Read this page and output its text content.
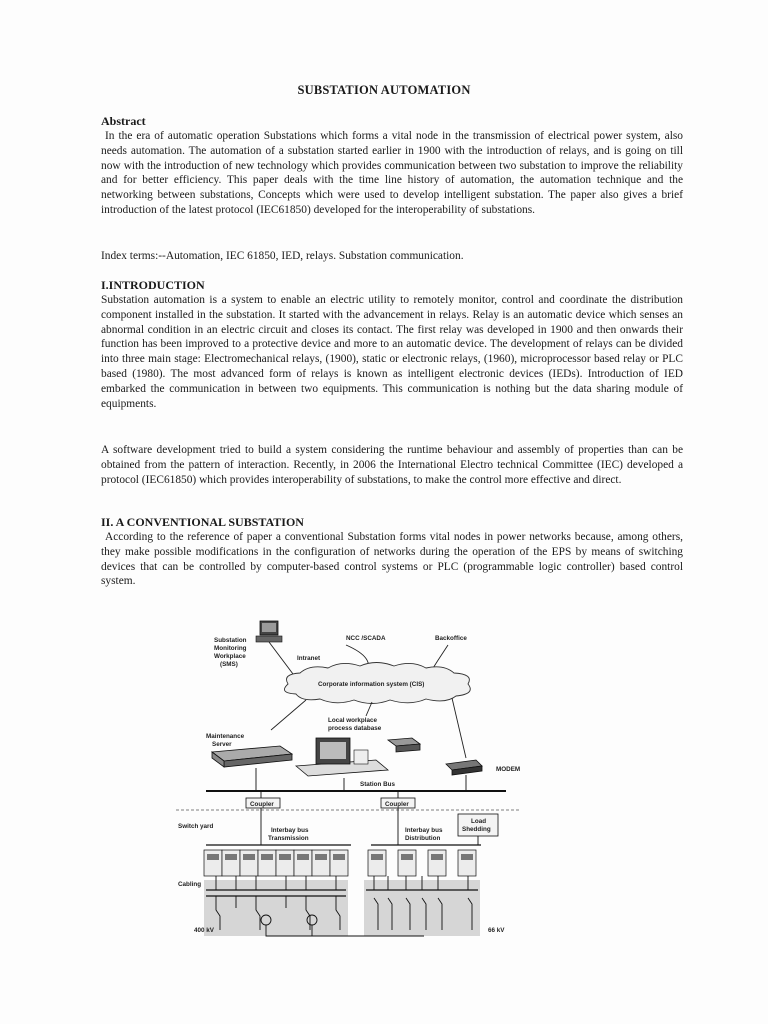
SUBSTATION AUTOMATION

Abstract

In the era of automatic operation Substations which forms a vital node in the transmission of electrical power system, also needs automation. The automation of a substation started earlier in 1900 with the introduction of relays, and is going on till now with the introduction of new technology which provides communication between two substation to improve the reliability and for better efficiency. This paper deals with the time line history of automation, the automation technique and the networking between substations, Concepts which were used to develop intelligent substation. The paper also gives a brief introduction of the latest protocol (IEC61850) developed for the interoperability of substations.

Index terms:--Automation, IEC 61850, IED, relays. Substation communication.

I.INTRODUCTION

Substation automation is a system to enable an electric utility to remotely monitor, control and coordinate the distribution component installed in the substation. It started with the advancement in relays. Relay is an automatic device which senses an abnormal condition in an electric circuit and closes its contact. The first relay was developed in 1900 and then onwards their function has been improved to a protective device and more to an automatic device. The development of relays can be divided into three main stage: Electromechanical relays, (1900), static or electronic relays, (1960), microprocessor based relay or PLC based (1980). The most advanced form of relays is known as intelligent electronic devices (IEDs). Introduction of IED embarked the communication in between two equipments. This communication is nothing but the data sharing module of equipments.

A software development tried to build a system considering the runtime behaviour and assembly of properties than can be obtained from the pattern of interaction. Recently, in 2006 the International Electro technical Committee (IEC) developed a protocol (IEC61850) which provides interoperability of substations, to make the control more effective and direct.

II. A CONVENTIONAL SUBSTATION

According to the reference of paper a conventional Substation forms vital nodes in power networks because, among others, they make possible modifications in the configuration of networks during the operation of the EPS by means of switching devices that can be controlled by computer-based control systems or PLC (programmable logic controller) based control system.

Substation
Monitoring
Workplace
(SMS)
Intranet
NCC /SCADA	Backoffice
Corporate information system (CIS)
Maintenance
Server
Local workplace
process database
MODEM
Station Bus
Coupler	Coupler
Switch yard
Load
Shedding
Interbay bus
Transmission
Interbay bus
Distribution
Cabling
400 kV	66 kV
